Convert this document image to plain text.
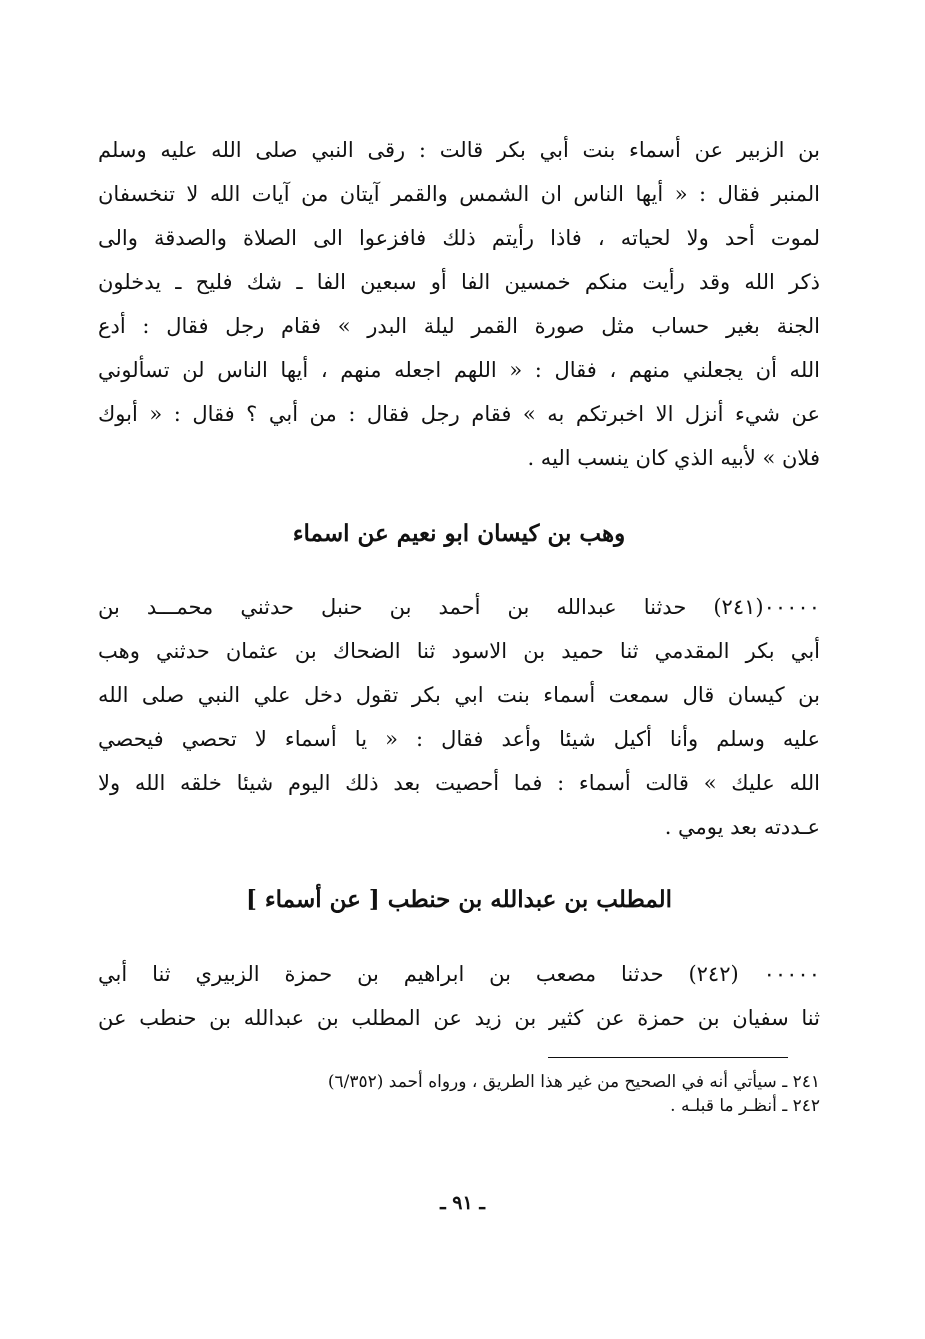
بن الزبير عن أسماء بنت أبي بكر قالت : رقى النبي صلى الله عليه وسلم
المنبر فقال : « أيها الناس ان الشمس والقمر آيتان من آيات الله لا تنخسفان
لموت أحد ولا لحياته ، فاذا رأيتم ذلك فافزعوا الى الصلاة والصدقة والى
ذكر الله وقد رأيت منكم خمسين الفا أو سبعين الفا ـ شك فليح ـ يدخلون
الجنة بغير حساب مثل صورة القمر ليلة البدر » فقام رجل فقال : أدع
الله أن يجعلني منهم ، فقال : « اللهم اجعله منهم ، أيها الناس لن تسألوني
عن شيء أنزل الا اخبرتكم به » فقام رجل فقال : من أبي ؟ فقال : « أبوك
فلان » لأبيه الذي كان ينسب اليه .
وهب بن كيسان ابو نعيم عن اسماء
٠٠٠٠٠(٢٤١) حدثنا عبدالله بن أحمد بن حنبل حدثني محمـــد بن
أبي بكر المقدمي ثنا حميد بن الاسود ثنا الضحاك بن عثمان حدثني وهب
بن كيسان قال سمعت أسماء بنت ابي بكر تقول دخل علي النبي صلى الله
عليه وسلم وأنا أكيل شيئا وأعد فقال : « يا أسماء لا تحصي فيحصي
الله عليك » قالت أسماء : فما أحصيت بعد ذلك اليوم شيئا خلقه الله ولا
عـددته بعد يومي .
المطلب بن عبدالله بن حنطب [ عن أسماء ]
٠٠٠٠٠ (٢٤٢) حدثنا مصعب بن ابراهيم بن حمزة الزبيري ثنا أبي
ثنا سفيان بن حمزة عن كثير بن زيد عن المطلب بن عبدالله بن حنطب عن
٢٤١ ـ سيأتي أنه في الصحيح من غير هذا الطريق ، ورواه أحمد (٦/٣٥٢)
٢٤٢ ـ أنظـر ما قبلـه .
ـ ٩١ ـ
